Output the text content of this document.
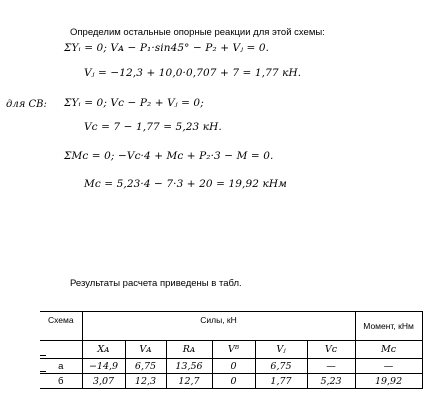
Определим остальные опорные реакции для этой схемы:
ΣYᵢ = 0; Vᴀ − P₁·sin45° − P₂ + Vⱼ = 0.
Vⱼ = −12,3 + 10,0·0,707 + 7 = 1,77 кН.
для CB: ΣYᵢ = 0; Vᴄ − P₂ + Vⱼ = 0;
Vᴄ = 7 − 1,77 = 5,23 кН.
ΣMᴄ = 0; −Vᴄ·4 + Mᴄ + P₂·3 − M = 0.
Mᴄ = 5,23·4 − 7·3 + 20 = 19,92 кНм
Результаты расчета приведены в табл.
Схема	Силы, кН						Момент, кНм

	Xᴀ	Vᴀ	Rᴀ	Vᴮ	Vⱼ	Vᴄ	Mᴄ
а	−14,9	6,75	13,56	0	6,75	—	—
б	3,07	12,3	12,7	0	1,77	5,23	19,92
